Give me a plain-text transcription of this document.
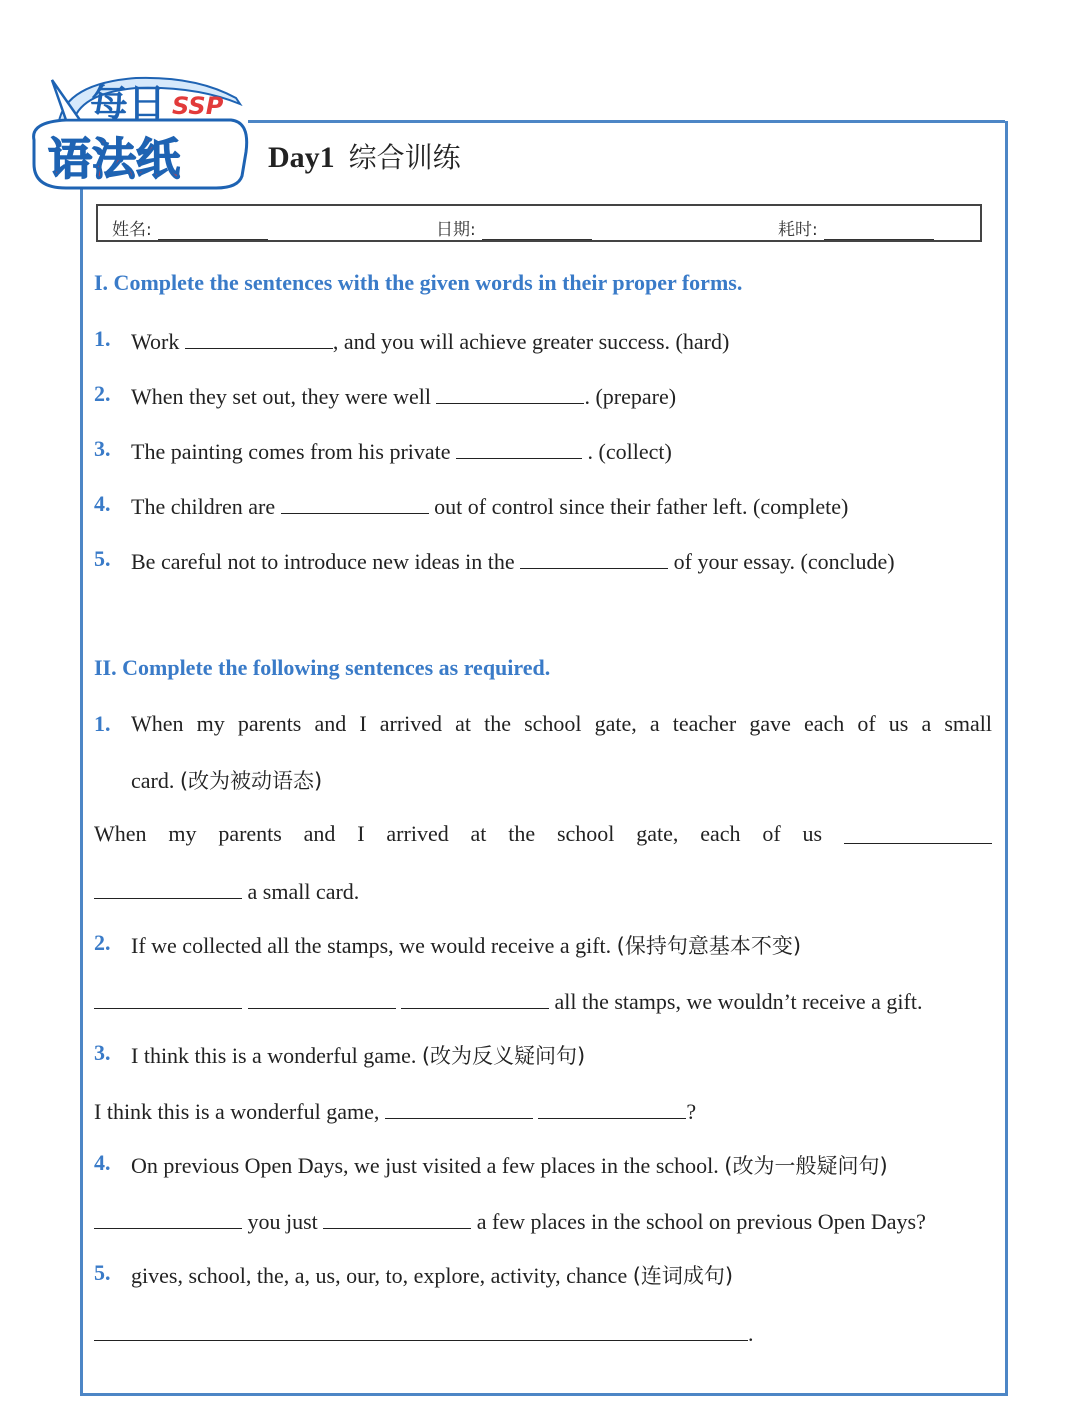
每日 SSP
语法纸	Day1 综合训练
姓名:	日期:	耗时:
I. Complete the sentences with the given words in their proper forms.
1. Work	, and you will achieve greater success. (hard)
2. When they set out, they were well	. (prepare)
3. The painting comes from his private	. (collect)
4. The children are	out of control since their father left. (complete)
5. Be careful not to introduce new ideas in the	of your essay. (conclude)
II. Complete the following sentences as required.
1. When my parents and I arrived at the school gate, a teacher gave each of us a small
card. (改为被动语态)
When my parents and I arrived at the school gate, each of us
a small card.
2. If we collected all the stamps, we would receive a gift. (保持句意基本不变)
all the stamps, we wouldn’t receive a gift.
3. I think this is a wonderful game. (改为反义疑问句)
I think this is a wonderful game,	?
4. On previous Open Days, we just visited a few places in the school. (改为一般疑问句)
you just	a few places in the school on previous Open Days?
5. gives, school, the, a, us, our, to, explore, activity, chance (连词成句)
.
